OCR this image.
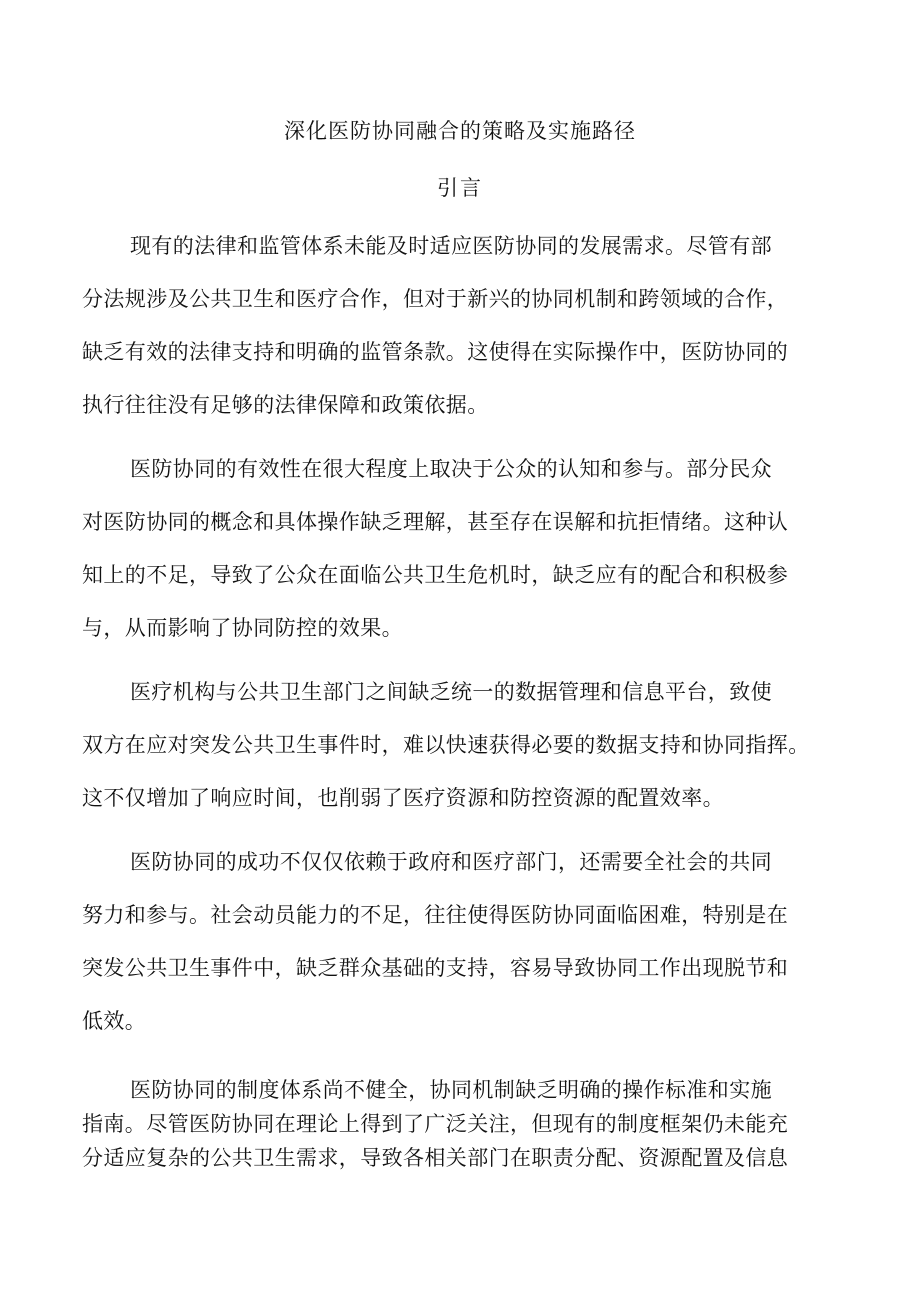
深化医防协同融合的策略及实施路径
引言
现有的法律和监管体系未能及时适应医防协同的发展需求。尽管有部
分法规涉及公共卫生和医疗合作，但对于新兴的协同机制和跨领域的合作，
缺乏有效的法律支持和明确的监管条款。这使得在实际操作中，医防协同的
执行往往没有足够的法律保障和政策依据。
医防协同的有效性在很大程度上取决于公众的认知和参与。部分民众
对医防协同的概念和具体操作缺乏理解，甚至存在误解和抗拒情绪。这种认
知上的不足，导致了公众在面临公共卫生危机时，缺乏应有的配合和积极参
与，从而影响了协同防控的效果。
医疗机构与公共卫生部门之间缺乏统一的数据管理和信息平台，致使
双方在应对突发公共卫生事件时，难以快速获得必要的数据支持和协同指挥。
这不仅增加了响应时间，也削弱了医疗资源和防控资源的配置效率。
医防协同的成功不仅仅依赖于政府和医疗部门，还需要全社会的共同
努力和参与。社会动员能力的不足，往往使得医防协同面临困难，特别是在
突发公共卫生事件中，缺乏群众基础的支持，容易导致协同工作出现脱节和
低效。
医防协同的制度体系尚不健全，协同机制缺乏明确的操作标准和实施
指南。尽管医防协同在理论上得到了广泛关注，但现有的制度框架仍未能充
分适应复杂的公共卫生需求，导致各相关部门在职责分配、资源配置及信息
